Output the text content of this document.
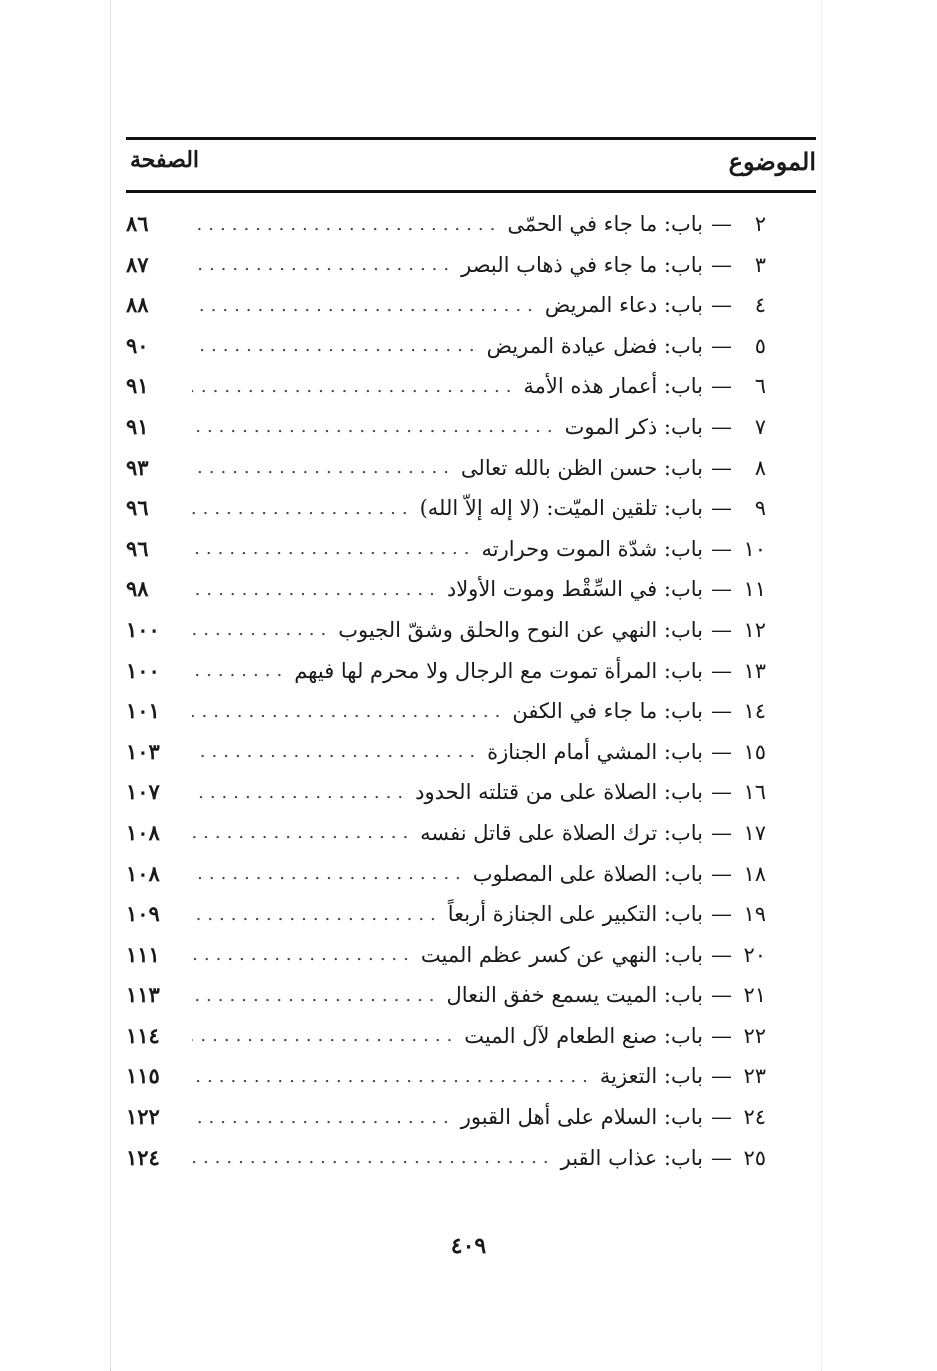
الموضوع
الصفحة
٢
—
باب: ما جاء في الحمّى
.....
٨٦
٣
—
باب: ما جاء في ذهاب البصر
.....
٨٧
٤
—
باب: دعاء المريض
.....
٨٨
٥
—
باب: فضل عيادة المريض
.....
٩٠
٦
—
باب: أعمار هذه الأمة
.....
٩١
٧
—
باب: ذكر الموت
.....
٩١
٨
—
باب: حسن الظن بالله تعالى
.....
٩٣
٩
—
باب: تلقين الميّت: (لا إله إلاّ الله)
.....
٩٦
١٠
—
باب: شدّة الموت وحرارته
.....
٩٦
١١
—
باب: في السِّقْط وموت الأولاد
.....
٩٨
١٢
—
باب: النهي عن النوح والحلق وشقّ الجيوب
.....
١٠٠
١٣
—
باب: المرأة تموت مع الرجال ولا محرم لها فيهم
.....
١٠٠
١٤
—
باب: ما جاء في الكفن
.....
١٠١
١٥
—
باب: المشي أمام الجنازة
.....
١٠٣
١٦
—
باب: الصلاة على من قتلته الحدود
.....
١٠٧
١٧
—
باب: ترك الصلاة على قاتل نفسه
.....
١٠٨
١٨
—
باب: الصلاة على المصلوب
.....
١٠٨
١٩
—
باب: التكبير على الجنازة أربعاً
.....
١٠٩
٢٠
—
باب: النهي عن كسر عظم الميت
.....
١١١
٢١
—
باب: الميت يسمع خفق النعال
.....
١١٣
٢٢
—
باب: صنع الطعام لآل الميت
.....
١١٤
٢٣
—
باب: التعزية
.....
١١٥
٢٤
—
باب: السلام على أهل القبور
.....
١٢٢
٢٥
—
باب: عذاب القبر
.....
١٢٤
٤٠٩
